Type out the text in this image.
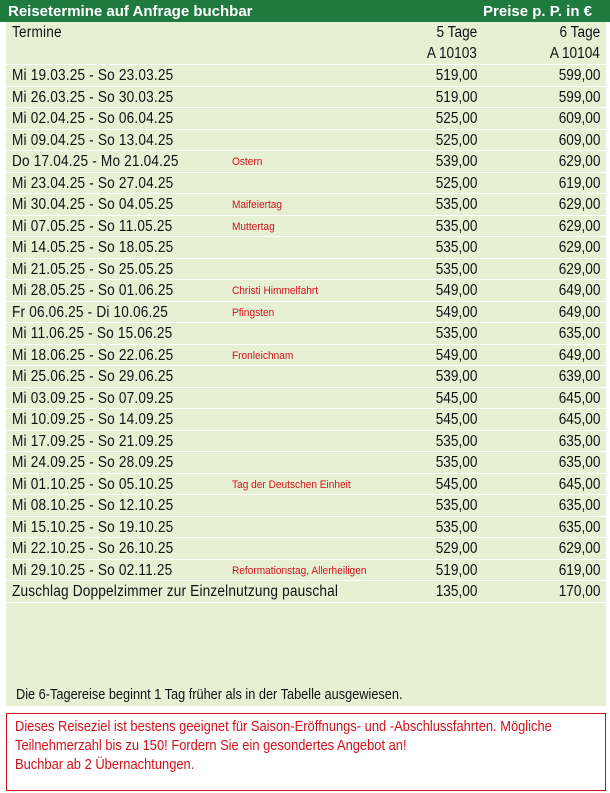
Reisetermine auf Anfrage buchbar	Preise p. P. in €
Termine	5 Tage	6 Tage
A 10103	A 10104
Mi 19.03.25 - So 23.03.25	519,00	599,00
Mi 26.03.25 - So 30.03.25	519,00	599,00
Mi 02.04.25 - So 06.04.25	525,00	609,00
Mi 09.04.25 - So 13.04.25	525,00	609,00
Do 17.04.25 - Mo 21.04.25	Ostern	539,00	629,00
Mi 23.04.25 - So 27.04.25	525,00	619,00
Mi 30.04.25 - So 04.05.25	Maifeiertag	535,00	629,00
Mi 07.05.25 - So 11.05.25	Muttertag	535,00	629,00
Mi 14.05.25 - So 18.05.25	535,00	629,00
Mi 21.05.25 - So 25.05.25	535,00	629,00
Mi 28.05.25 - So 01.06.25	Christi Himmelfahrt	549,00	649,00
Fr 06.06.25 - Di 10.06.25	Pfingsten	549,00	649,00
Mi 11.06.25 - So 15.06.25	535,00	635,00
Mi 18.06.25 - So 22.06.25	Fronleichnam	549,00	649,00
Mi 25.06.25 - So 29.06.25	539,00	639,00
Mi 03.09.25 - So 07.09.25	545,00	645,00
Mi 10.09.25 - So 14.09.25	545,00	645,00
Mi 17.09.25 - So 21.09.25	535,00	635,00
Mi 24.09.25 - So 28.09.25	535,00	635,00
Mi 01.10.25 - So 05.10.25	Tag der Deutschen Einheit	545,00	645,00
Mi 08.10.25 - So 12.10.25	535,00	635,00
Mi 15.10.25 - So 19.10.25	535,00	635,00
Mi 22.10.25 - So 26.10.25	529,00	629,00
Mi 29.10.25 - So 02.11.25	Reformationstag, Allerheiligen	519,00	619,00
Zuschlag Doppelzimmer zur Einzelnutzung pauschal	135,00	170,00
Die 6-Tagereise beginnt 1 Tag früher als in der Tabelle ausgewiesen.
Dieses Reiseziel ist bestens geeignet für Saison-Eröffnungs- und -Abschlussfahrten. Mögliche
Teilnehmerzahl bis zu 150! Fordern Sie ein gesondertes Angebot an!
Buchbar ab 2 Übernachtungen.
